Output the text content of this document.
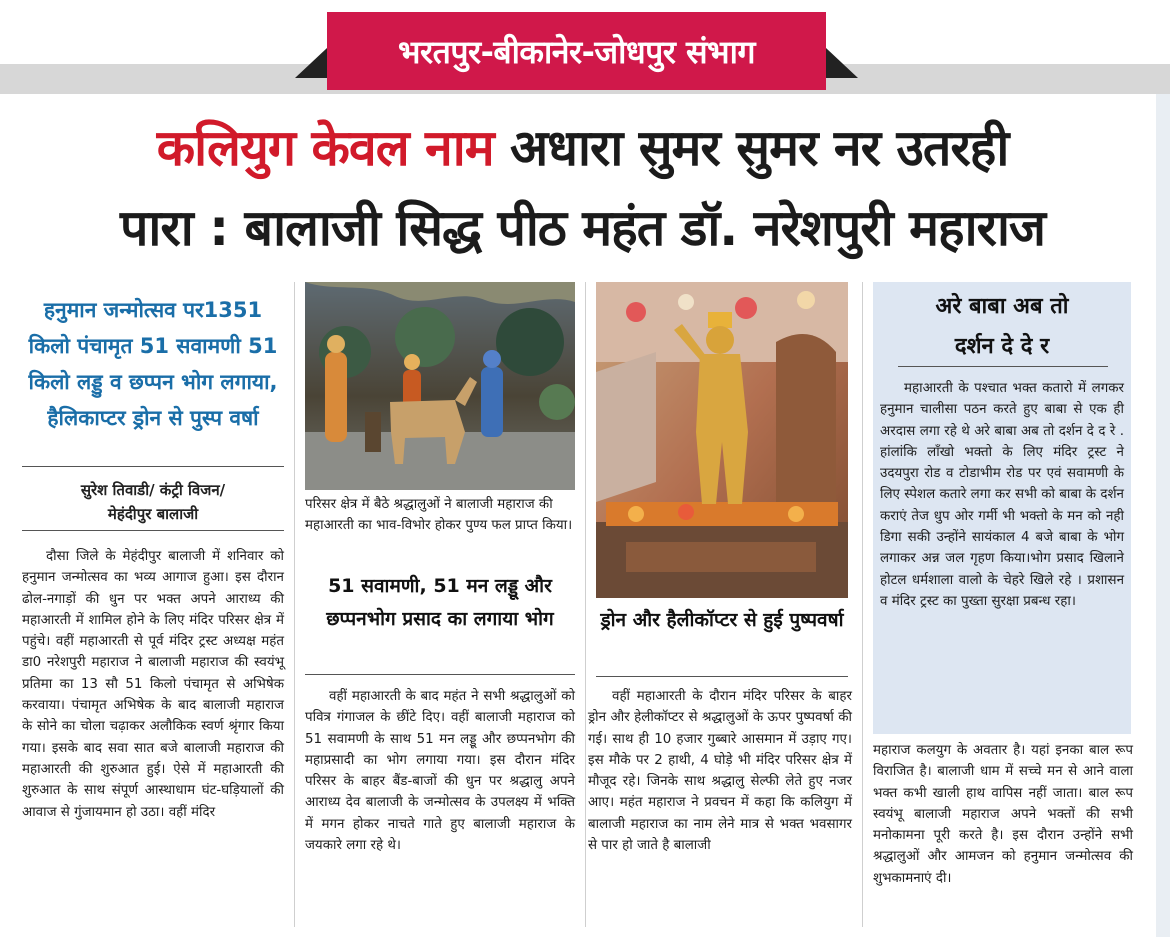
भरतपुर-बीकानेर-जोधपुर संभाग
कलियुग केवल नाम अधारा सुमर सुमर नर उतरही
पारा : बालाजी सिद्ध पीठ महंत डॉ. नरेशपुरी महाराज
हनुमान जन्मोत्सव पर1351 किलो पंचामृत 51 सवामणी 51 किलो लड्डु व छप्पन भोग लगाया, हैलिकाप्टर ड्रोन से पुस्प वर्षा
सुरेश तिवाडी/ कंट्री विजन/
मेहंदीपुर बालाजी

दौसा जिले के मेहंदीपुर बालाजी में शनिवार को हनुमान जन्मोत्सव का भव्य आगाज हुआ। इस दौरान ढोल-नगाड़ों की धुन पर भक्त अपने आराध्य की महाआरती में शामिल होने के लिए मंदिर परिसर क्षेत्र में पहुंचे। वहीं महाआरती से पूर्व मंदिर ट्रस्ट अध्यक्ष महंत डा0 नरेशपुरी महाराज ने बालाजी महाराज की स्वयंभू प्रतिमा का 13 सौ 51 किलो पंचामृत से अभिषेक करवाया। पंचामृत अभिषेक के बाद बालाजी महाराज के सोने का चोला चढ़ाकर अलौकिक स्वर्ण श्रृंगार किया गया। इसके बाद सवा सात बजे बालाजी महाराज की महाआरती की शुरुआत हुई। ऐसे में महाआरती की शुरुआत के साथ संपूर्ण आस्थाधाम घंट-घड़ियालों की आवाज से गुंजायमान हो उठा। वहीं मंदिर

परिसर क्षेत्र में बैठे श्रद्धालुओं ने बालाजी महाराज की महाआरती का भाव-विभोर होकर पुण्य फल प्राप्त किया।
51 सवामणी, 51 मन लड्डू और छप्पनभोग प्रसाद का लगाया भोग

वहीं महाआरती के बाद महंत ने सभी श्रद्धालुओं को पवित्र गंगाजल के छींटे दिए। वहीं बालाजी महाराज को 51 सवामणी के साथ 51 मन लड्डू और छप्पनभोग की महाप्रसादी का भोग लगाया गया। इस दौरान मंदिर परिसर के बाहर बैंड-बाजों की धुन पर श्रद्धालु अपने आराध्य देव बालाजी के जन्मोत्सव के उपलक्ष्य में भक्ति में मगन होकर नाचते गाते हुए बालाजी महाराज के जयकारे लगा रहे थे।

ड्रोन और हैलीकॉप्टर से हुई पुष्पवर्षा

वहीं महाआरती के दौरान मंदिर परिसर के बाहर ड्रोन और हेलीकॉप्टर से श्रद्धालुओं के ऊपर पुष्पवर्षा की गई। साथ ही 10 हजार गुब्बारे आसमान में उड़ाए गए। इस मौके पर 2 हाथी, 4 घोड़े भी मंदिर परिसर क्षेत्र में मौजूद रहे। जिनके साथ श्रद्धालु सेल्फी लेते हुए नजर आए। महंत महाराज ने प्रवचन में कहा कि कलियुग में बालाजी महाराज का नाम लेने मात्र से भक्त भवसागर से पार हो जाते है बालाजी

अरे बाबा अब तो
दर्शन दे दे र

महाआरती के पश्चात भक्त कतारो में लगकर हनुमान चालीसा पठन करते हुए बाबा से एक ही अरदास लगा रहे थे अरे बाबा अब तो दर्शन दे द रे . हांलांकि लाँखो भक्तो के लिए मंदिर ट्रस्ट ने उदयपुरा रोड व टोडाभीम रोड पर एवं सवामणी के लिए स्पेशल कतारे लगा कर सभी को बाबा के दर्शन कराएं तेज धुप ओर गर्मी भी भक्तो के मन को नही डिगा सकी उन्होंने सायंकाल 4 बजे बाबा के भोग लगाकर अन्न जल गृहण किया।भोग प्रसाद खिलाने होटल धर्मशाला वालो के चेहरे खिले रहे । प्रशासन व मंदिर ट्रस्ट का पुख्ता सुरक्षा प्रबन्ध रहा।

महाराज कलयुग के अवतार है। यहां इनका बाल रूप विराजित है। बालाजी धाम में सच्चे मन से आने वाला भक्त कभी खाली हाथ वापिस नहीं जाता। बाल रूप स्वयंभू बालाजी महाराज अपने भक्तों की सभी मनोकामना पूरी करते है। इस दौरान उन्होंने सभी श्रद्धालुओं और आमजन को हनुमान जन्मोत्सव की शुभकामनाएं दी।
